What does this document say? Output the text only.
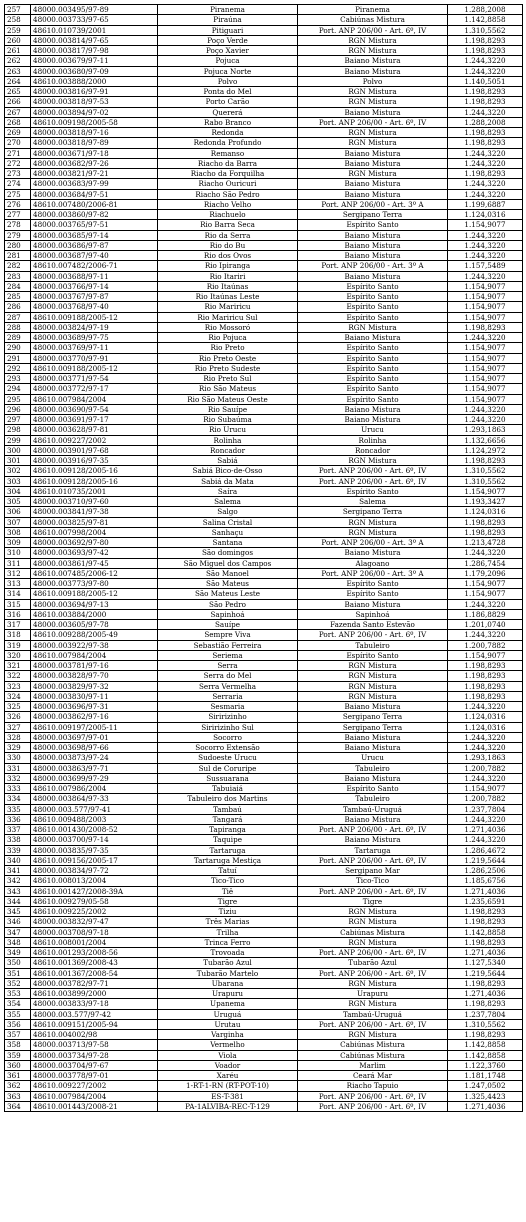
257	48000.003495/97-89	Piranema	Piranema	1.288,2008
258	48000.003733/97-65	Piraúna	Cabiúnas Mistura	1.142,8858
259	48610.010739/2001	Pitiguari	Port. ANP 206/00 - Art. 6º, IV	1.310,5562
260	48000.003814/97-65	Poço Verde	RGN Mistura	1.198,8293
261	48000.003817/97-98	Poço Xavier	RGN Mistura	1.198,8293
262	48000.003679/97-11	Pojuca	Baiano Mistura	1.244,3220
263	48000.003680/97-09	Pojuca Norte	Baiano Mistura	1.244,3220
264	48610.003888/2000	Polvo	Polvo	1.140,5051
265	48000.003816/97-91	Ponta do Mel	RGN Mistura	1.198,8293
266	48000.003818/97-53	Porto Carão	RGN Mistura	1.198,8293
267	48000.003894/97-02	Quererá	Baiano Mistura	1.244,3220
268	48610.009198/2005-58	Rabo Branco	Port. ANP 206/00 - Art. 6º, IV	1.288,2008
269	48000.003818/97-16	Redonda	RGN Mistura	1.198,8293
270	48000.003818/97-89	Redonda Profundo	RGN Mistura	1.198,8293
271	48000.003671/97-18	Remanso	Baiano Mistura	1.244,3220
272	48000.003682/97-26	Riacho da Barra	Baiano Mistura	1.244,3220
273	48000.003821/97-21	Riacho da Forquilha	RGN Mistura	1.198,8293
274	48000.003683/97-99	Riacho Ouricuri	Baiano Mistura	1.244,3220
275	48000.003684/97-51	Riacho São Pedro	Baiano Mistura	1.244,3220
276	48610.007480/2006-81	Riacho Velho	Port. ANP 206/00 - Art. 3º A	1.199,6887
277	48000.003860/97-82	Riachuelo	Sergipano Terra	1.124,0316
278	48000.003765/97-51	Rio Barra Seca	Espírito Santo	1.154,9077
279	48000.003685/97-14	Rio da Serra	Baiano Mistura	1.244,3220
280	48000.003686/97-87	Rio do Bu	Baiano Mistura	1.244,3220
281	48000.003687/97-40	Rio dos Ovos	Baiano Mistura	1.244,3220
282	48610.007482/2006-71	Rio Ipiranga	Port. ANP 206/00 - Art. 3º A	1.157,5489
283	48000.003688/97-11	Rio Itariri	Baiano Mistura	1.244,3220
284	48000.003766/97-14	Rio Itaúnas	Espírito Santo	1.154,9077
285	48000.003767/97-87	Rio Itaúnas Leste	Espírito Santo	1.154,9077
286	48000.003768/97-40	Rio Mariricu	Espírito Santo	1.154,9077
287	48610.009188/2005-12	Rio Mariricu Sul	Espírito Santo	1.154,9077
288	48000.003824/97-19	Rio Mossoró	RGN Mistura	1.198,8293
289	48000.003689/97-75	Rio Pojuca	Baiano Mistura	1.244,3220
290	48000.003769/97-11	Rio Preto	Espírito Santo	1.154,9077
291	48000.003770/97-91	Rio Preto Oeste	Espírito Santo	1.154,9077
292	48610.009188/2005-12	Rio Preto Sudeste	Espírito Santo	1.154,9077
293	48000.003771/97-54	Rio Preto Sul	Espírito Santo	1.154,9077
294	48000.003772/97-17	Rio São Mateus	Espírito Santo	1.154,9077
295	48610.007984/2004	Rio São Mateus Oeste	Espírito Santo	1.154,9077
296	48000.003690/97-54	Rio Sauípe	Baiano Mistura	1.244,3220
297	48000.003691/97-17	Rio Subaúma	Baiano Mistura	1.244,3220
298	48000.003628/97-81	Rio Urucu	Urucu	1.293,1863
299	48610.009227/2002	Rolinha	Rolinha	1.132,6656
300	48000.003901/97-68	Roncador	Roncador	1.124,2972
301	48000.003916/97-35	Sabiá	RGN Mistura	1.198,8293
302	48610.009128/2005-16	Sabiá Bico-de-Osso	Port. ANP 206/00 - Art. 6º, IV	1.310,5562
303	48610.009128/2005-16	Sabiá da Mata	Port. ANP 206/00 - Art. 6º, IV	1.310,5562
304	48610.010735/2001	Saíra	Espírito Santo	1.154,9077
305	48000.003710/97-60	Salema	Salema	1.193,3427
306	48000.003841/97-38	Salgo	Sergipano Terra	1.124,0316
307	48000.003825/97-81	Salina Cristal	RGN Mistura	1.198,8293
308	48610.007998/2004	Sanhaçu	RGN Mistura	1.198,8293
309	48000.003692/97-80	Santana	Port. ANP 206/00 - Art. 3º A	1.213,4728
310	48000.003693/97-42	São domingos	Baiano Mistura	1.244,3220
311	48000.003861/97-45	São Miguel dos Campos	Alagoano	1.286,7454
312	48610.007485/2006-12	São Manoel	Port. ANP 206/00 - Art. 3º A	1.179,2096
313	48000.003773/97-80	São Mateus	Espírito Santo	1.154,9077
314	48610.009188/2005-12	São Mateus Leste	Espírito Santo	1.154,9077
315	48000.003694/97-13	São Pedro	Baiano Mistura	1.244,3220
316	48610.003884/2000	Sapinhoá	Sapinhoá	1.186,8829
317	48000.003605/97-78	Sauípe	Fazenda Santo Estevão	1.201,0740
318	48610.009288/2005-49	Sempre Viva	Port. ANP 206/00 - Art. 6º, IV	1.244,3220
319	48000.003922/97-38	Sebastião Ferreira	Tabuleiro	1.200,7882
320	48610.007984/2004	Seriema	Espírito Santo	1.154,9077
321	48000.003781/97-16	Serra	RGN Mistura	1.198,8293
322	48000.003828/97-70	Serra do Mel	RGN Mistura	1.198,8293
323	48000.003829/97-32	Serra Vermelha	RGN Mistura	1.198,8293
324	48000.003830/97-11	Serraria	RGN Mistura	1.198,8293
325	48000.003696/97-31	Sesmaria	Baiano Mistura	1.244,3220
326	48000.003862/97-16	Siririzinho	Sergipano Terra	1.124,0316
327	48610.009197/2005-11	Siririzinho Sul	Sergipano Terra	1.124,0316
328	48000.003697/97-01	Socorro	Baiano Mistura	1.244,3220
329	48000.003698/97-66	Socorro Extensão	Baiano Mistura	1.244,3220
330	48000.003873/97-24	Sudoeste Urucu	Urucu	1.293,1863
331	48000.003863/97-71	Sul de Coruripe	Tabuleiro	1.200,7882
332	48000.003699/97-29	Sussuarana	Baiano Mistura	1.244,3220
333	48610.007986/2004	Tabuiaiá	Espírito Santo	1.154,9077
334	48000.003864/97-33	Tabuleiro dos Martins	Tabuleiro	1.200,7882
335	48000.003.577/97-41	Tambaú	Tambaú-Uruguá	1.237,7804
336	48610.009488/2003	Tangará	Baiano Mistura	1.244,3220
337	48610.001430/2008-52	Tapiranga	Port. ANP 206/00 - Art. 6º, IV	1.271,4036
338	48000.003700/97-14	Taquipe	Baiano Mistura	1.244,3220
339	48000.003835/97-35	Tartaruga	Tartaruga	1.286,4672
340	48610.009156/2005-17	Tartaruga Mestiça	Port. ANP 206/00 - Art. 6º, IV	1.219,5644
341	48000.003834/97-72	Tatuí	Sergipano Mar	1.286,2506
342	48610.008013/2004	Tico-Tico	Tico-Tico	1.185,6756
343	48610.001427/2008-39A	Tiê	Port. ANP 206/00 - Art. 6º, IV	1.271,4036
344	48610.009279/05-58	Tigre	Tigre	1.235,6591
345	48610.009225/2002	Tiziu	RGN Mistura	1.198,8293
346	48000.003832/97-47	Três Marias	RGN Mistura	1.198,8293
347	48000.003708/97-18	Trilha	Cabiúnas Mistura	1.142,8858
348	48610.008001/2004	Trinca Ferro	RGN Mistura	1.198,8293
349	48610.001293/2008-56	Trovoada	Port. ANP 206/00 - Art. 6º, IV	1.271,4036
350	48610.001369/2008-43	Tubarão Azul	Tubarão Azul	1.127,5340
351	48610.001367/2008-54	Tubarão Martelo	Port. ANP 206/00 - Art. 6º, IV	1.219,5644
352	48000.003782/97-71	Ubarana	RGN Mistura	1.198,8293
353	48610.003899/2000	Urapuru	Urapuru	1.271,4036
354	48000.003833/97-18	Upanema	RGN Mistura	1.198,8293
355	48000.003.577/97-42	Uruguá	Tambaú-Uruguá	1.237,7804
356	48610.009151/2005-94	Urutau	Port. ANP 206/00 - Art. 6º, IV	1.310,5562
357	48610.004002/98	Varginha	RGN Mistura	1.198,8293
358	48000.003713/97-58	Vermelho	Cabiúnas Mistura	1.142,8858
359	48000.003734/97-28	Viola	Cabiúnas Mistura	1.142,8858
360	48000.003704/97-67	Voador	Marlim	1.122,3760
361	48000.003778/97-01	Xaréu	Ceará Mar	1.181,1748
362	48610.009227/2002	1-RT-1-RN (RT-POT-10)	Riacho Tapuio	1.247,0502
363	48610.007984/2004	ES-T-381	Port. ANP 206/00 - Art. 6º, IV	1.325,4423
364	48610.001443/2008-21	PA-1ALVIBA-REC-T-129	Port. ANP 206/00 - Art. 6º, IV	1.271,4036
